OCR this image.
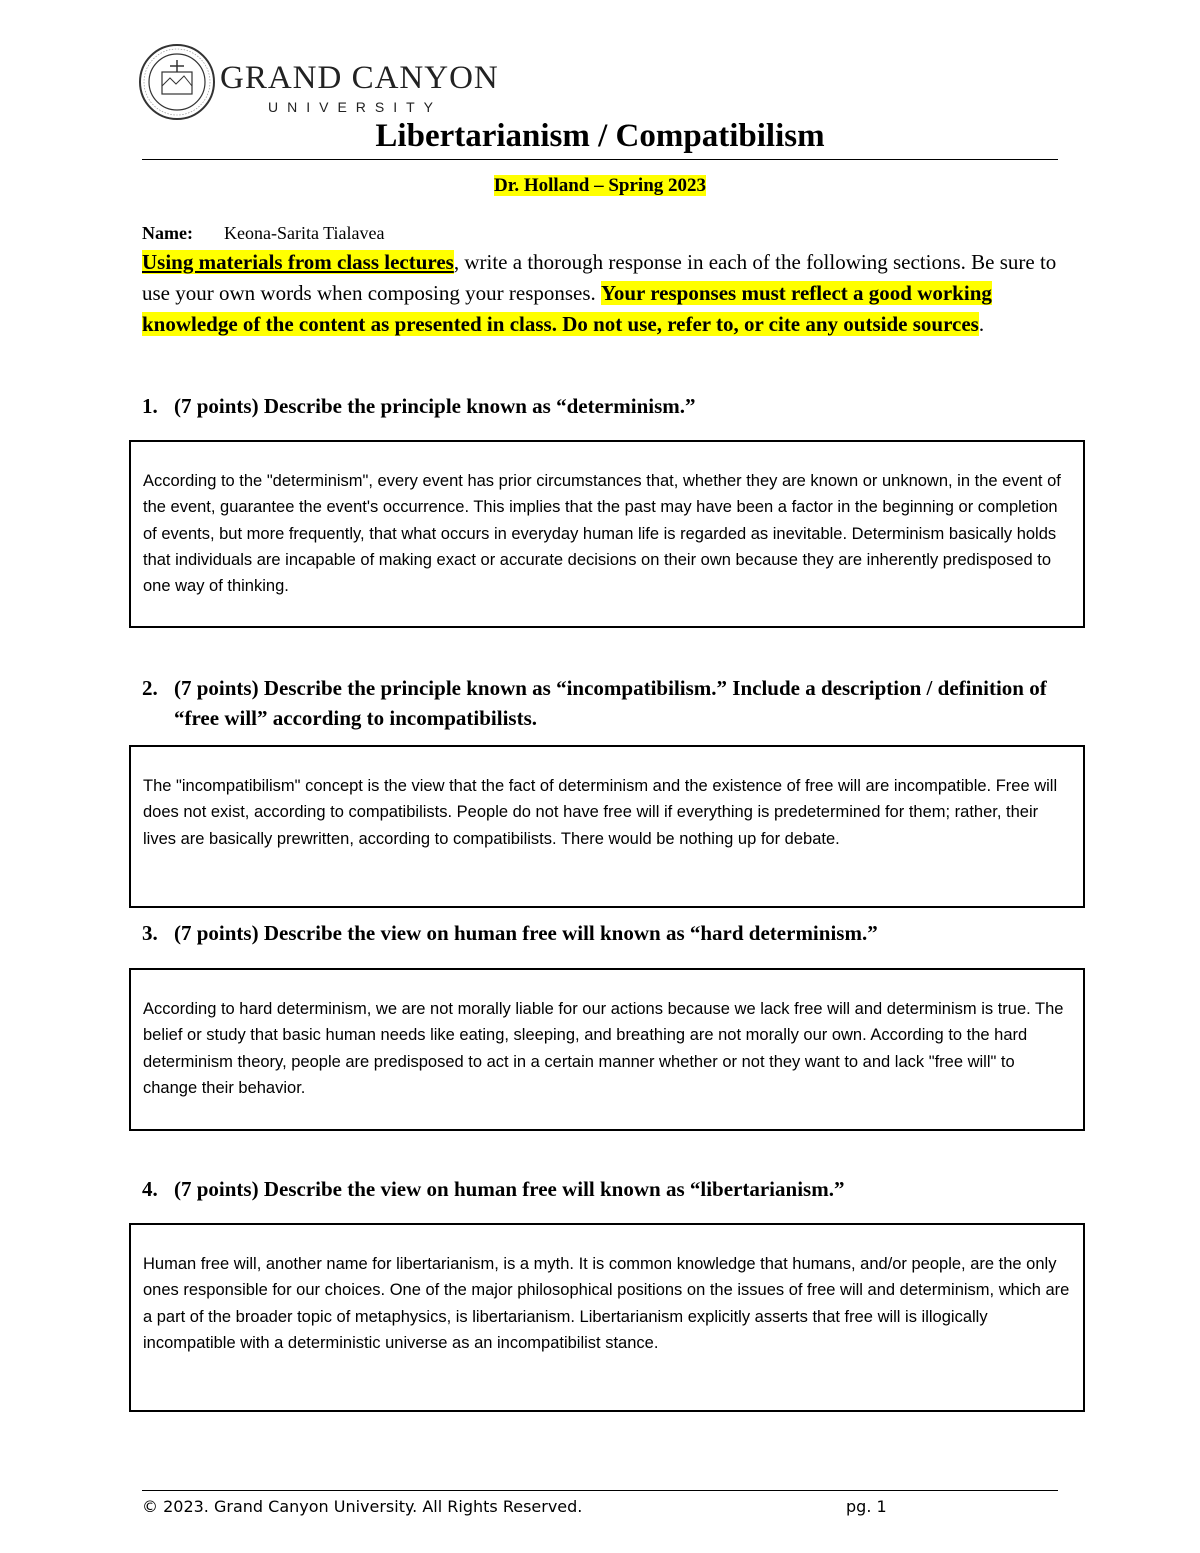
GRAND CANYON
UNIVERSITY
Libertarianism / Compatibilism
Dr. Holland – Spring 2023
Name: Keona-Sarita Tialavea
Using materials from class lectures, write a thorough response in each of the following sections. Be sure to use your own words when composing your responses. Your responses must reflect a good working knowledge of the content as presented in class. Do not use, refer to, or cite any outside sources.
1. (7 points) Describe the principle known as “determinism.”
According to the "determinism", every event has prior circumstances that, whether they are known or unknown, in the event of the event, guarantee the event's occurrence. This implies that the past may have been a factor in the beginning or completion of events, but more frequently, that what occurs in everyday human life is regarded as inevitable. Determinism basically holds that individuals are incapable of making exact or accurate decisions on their own because they are inherently predisposed to one way of thinking.
2. (7 points) Describe the principle known as “incompatibilism.” Include a description / definition of “free will” according to incompatibilists.
The "incompatibilism" concept is the view that the fact of determinism and the existence of free will are incompatible. Free will does not exist, according to compatibilists. People do not have free will if everything is predetermined for them; rather, their lives are basically prewritten, according to compatibilists. There would be nothing up for debate.
3. (7 points) Describe the view on human free will known as “hard determinism.”
According to hard determinism, we are not morally liable for our actions because we lack free will and determinism is true. The belief or study that basic human needs like eating, sleeping, and breathing are not morally our own. According to the hard determinism theory, people are predisposed to act in a certain manner whether or not they want to and lack "free will" to change their behavior.
4. (7 points) Describe the view on human free will known as “libertarianism.”
Human free will, another name for libertarianism, is a myth. It is common knowledge that humans, and/or people, are the only ones responsible for our choices. One of the major philosophical positions on the issues of free will and determinism, which are a part of the broader topic of metaphysics, is libertarianism. Libertarianism explicitly asserts that free will is illogically incompatible with a deterministic universe as an incompatibilist stance.
© 2023. Grand Canyon University. All Rights Reserved.	pg. 1
